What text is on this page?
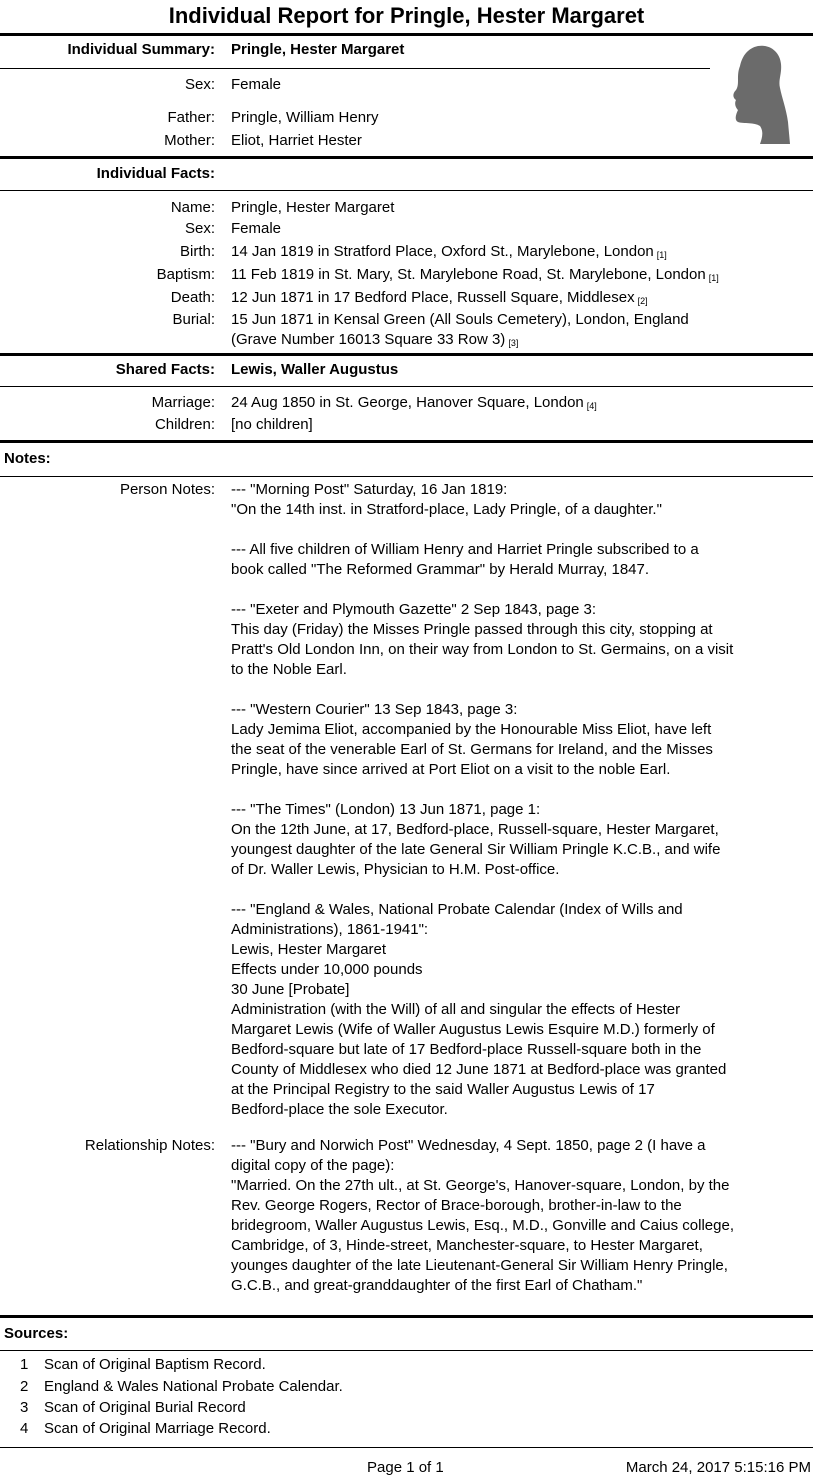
Individual Report for Pringle, Hester Margaret
Individual Summary: Pringle, Hester Margaret
Sex: Female
Father: Pringle, William Henry
Mother: Eliot, Harriet Hester
Individual Facts:
Name: Pringle, Hester Margaret
Sex: Female
Birth: 14 Jan 1819 in Stratford Place, Oxford St., Marylebone, London $_{[1]}$
Baptism: 11 Feb 1819 in St. Mary, St. Marylebone Road, St. Marylebone, London $_{[1]}$
Death: 12 Jun 1871 in 17 Bedford Place, Russell Square, Middlesex $_{[2]}$
Burial: 15 Jun 1871 in Kensal Green (All Souls Cemetery), London, England
(Grave Number 16013 Square 33 Row 3) $_{[3]}$
Shared Facts: Lewis, Waller Augustus
Marriage: 24 Aug 1850 in St. George, Hanover Square, London $_{[4]}$
Children: [no children]
Notes:
Person Notes: --- "Morning Post" Saturday, 16 Jan 1819:
"On the 14th inst. in Stratford-place, Lady Pringle, of a daughter."
--- All five children of William Henry and Harriet Pringle subscribed to a
book called "The Reformed Grammar" by Herald Murray, 1847.
--- "Exeter and Plymouth Gazette" 2 Sep 1843, page 3:
This day (Friday) the Misses Pringle passed through this city, stopping at
Pratt's Old London Inn, on their way from London to St. Germains, on a visit
to the Noble Earl.
--- "Western Courier" 13 Sep 1843, page 3:
Lady Jemima Eliot, accompanied by the Honourable Miss Eliot, have left
the seat of the venerable Earl of St. Germans for Ireland, and the Misses
Pringle, have since arrived at Port Eliot on a visit to the noble Earl.
--- "The Times" (London) 13 Jun 1871, page 1:
On the 12th June, at 17, Bedford-place, Russell-square, Hester Margaret,
youngest daughter of the late General Sir William Pringle K.C.B., and wife
of Dr. Waller Lewis, Physician to H.M. Post-office.
--- "England & Wales, National Probate Calendar (Index of Wills and
Administrations), 1861-1941":
Lewis, Hester Margaret
Effects under 10,000 pounds
30 June [Probate]
Administration (with the Will) of all and singular the effects of Hester
Margaret Lewis (Wife of Waller Augustus Lewis Esquire M.D.) formerly of
Bedford-square but late of 17 Bedford-place Russell-square both in the
County of Middlesex who died 12 June 1871 at Bedford-place was granted
at the Principal Registry to the said Waller Augustus Lewis of 17
Bedford-place the sole Executor.
Relationship Notes: --- "Bury and Norwich Post" Wednesday, 4 Sept. 1850, page 2 (I have a
digital copy of the page):
"Married. On the 27th ult., at St. George's, Hanover-square, London, by the
Rev. George Rogers, Rector of Brace-borough, brother-in-law to the
bridegroom, Waller Augustus Lewis, Esq., M.D., Gonville and Caius college,
Cambridge, of 3, Hinde-street, Manchester-square, to Hester Margaret,
younges daughter of the late Lieutenant-General Sir William Henry Pringle,
G.C.B., and great-granddaughter of the first Earl of Chatham."
Sources:
1 Scan of Original Baptism Record.
2 England & Wales National Probate Calendar.
3 Scan of Original Burial Record
4 Scan of Original Marriage Record.
Page 1 of 1	March 24, 2017 5:15:16 PM
